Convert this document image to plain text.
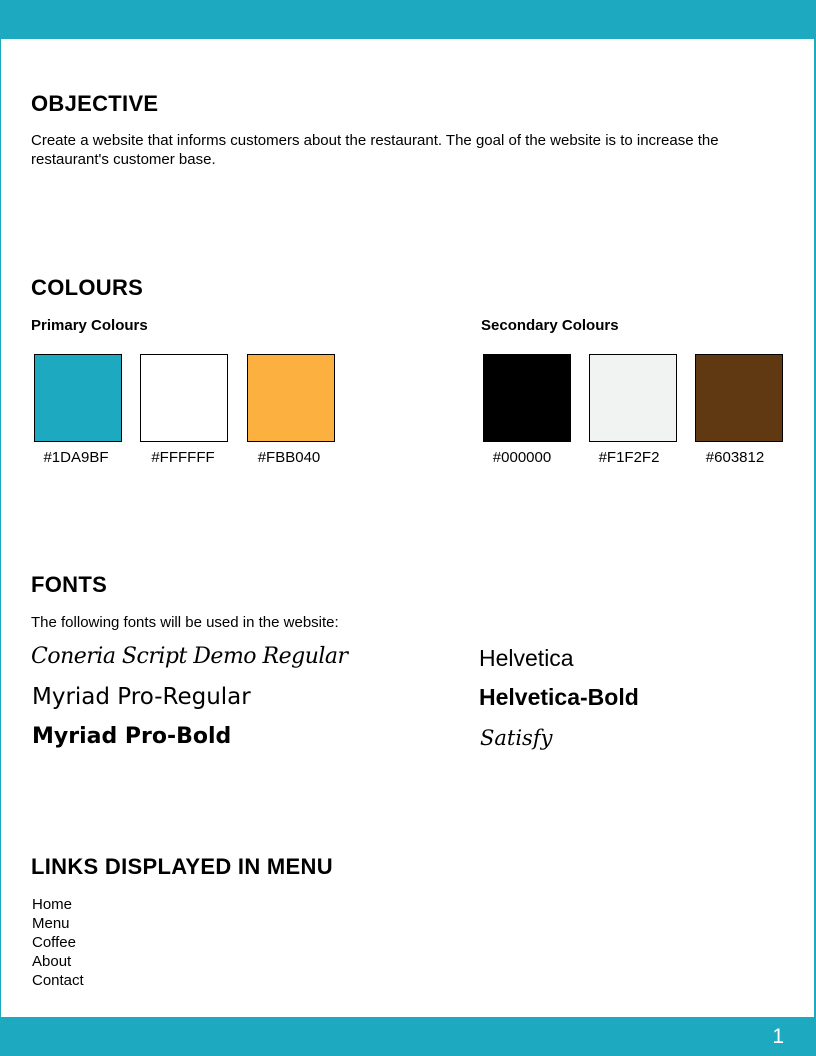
OBJECTIVE

Create a website that informs customers about the restaurant. The goal of the website is to increase the restaurant's customer base.

COLOURS

Primary Colours	Secondary Colours

#1DA9BF	#FFFFFF	#FBB040	#000000	#F1F2F2	#603812
FONTS

The following fonts will be used in the website:

Coneria Script Demo Regular

Myriad Pro-Regular

Myriad Pro-Bold

Helvetica

Helvetica-Bold

Satisfy

LINKS DISPLAYED IN MENU
Home
Menu
Coffee
About
Contact
1
